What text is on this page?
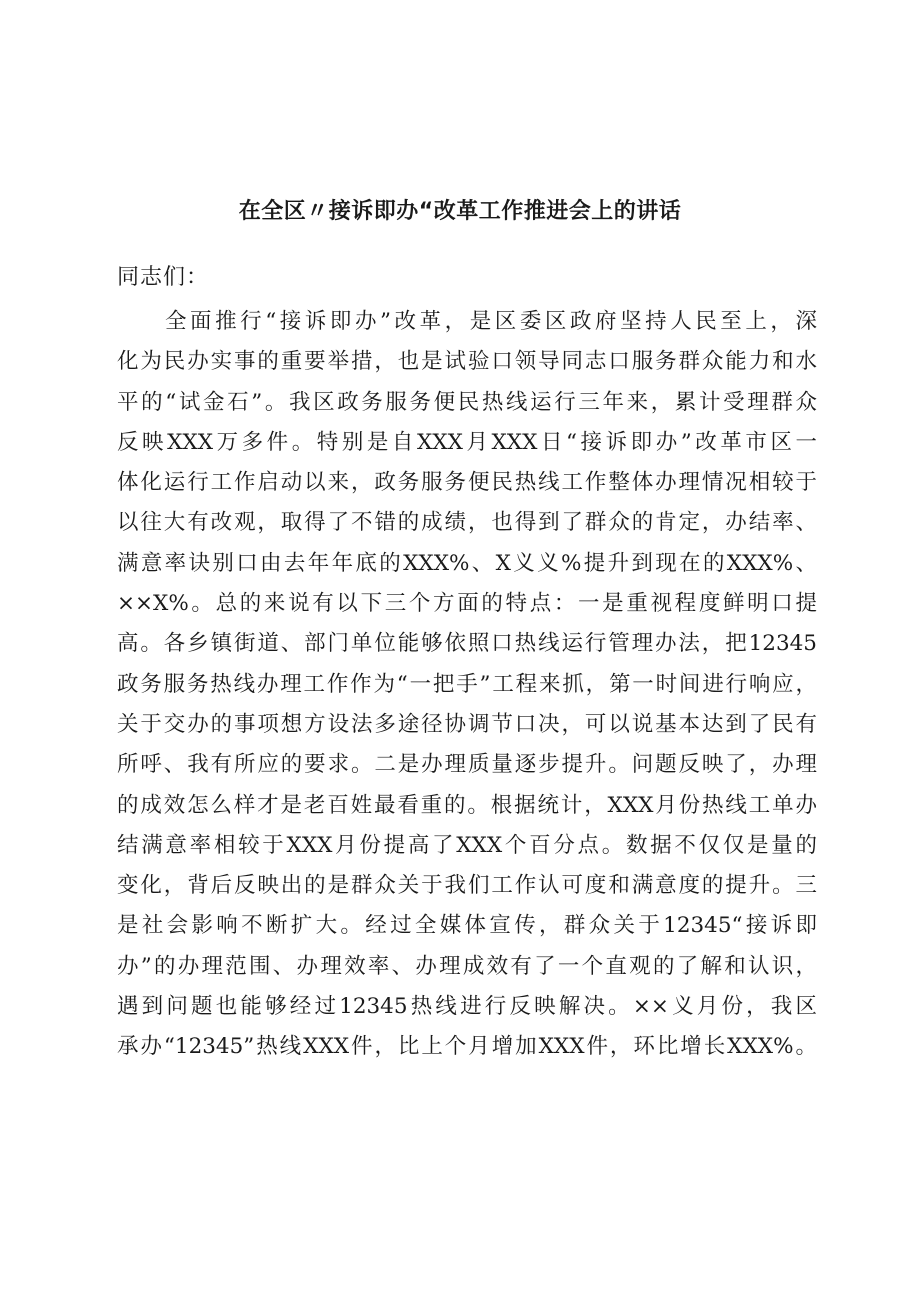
在全区〃接诉即办“改革工作推进会上的讲话

同志们：

全面推行“接诉即办”改革，是区委区政府坚持人民至上，深
化为民办实事的重要举措，也是试验口领导同志口服务群众能力和水
平的“试金石”。我区政务服务便民热线运行三年来，累计受理群众
反映XXX万多件。特别是自XXX月XXX日“接诉即办”改革市区一
体化运行工作启动以来，政务服务便民热线工作整体办理情况相较于
以往大有改观，取得了不错的成绩，也得到了群众的肯定，办结率、
满意率诀别口由去年年底的XXX%、X义义%提升到现在的XXX%、
××X%。总的来说有以下三个方面的特点：一是重视程度鲜明口提
高。各乡镇街道、部门单位能够依照口热线运行管理办法，把12345
政务服务热线办理工作作为“一把手”工程来抓，第一时间进行响应，
关于交办的事项想方设法多途径协调节口决，可以说基本达到了民有
所呼、我有所应的要求。二是办理质量逐步提升。问题反映了，办理
的成效怎么样才是老百姓最看重的。根据统计，XXX月份热线工单办
结满意率相较于XXX月份提高了XXX个百分点。数据不仅仅是量的
变化，背后反映出的是群众关于我们工作认可度和满意度的提升。三
是社会影响不断扩大。经过全媒体宣传，群众关于12345“接诉即
办”的办理范围、办理效率、办理成效有了一个直观的了解和认识，
遇到问题也能够经过12345热线进行反映解决。××义月份，我区
承办“12345”热线XXX件，比上个月增加XXX件，环比增长XXX%。
